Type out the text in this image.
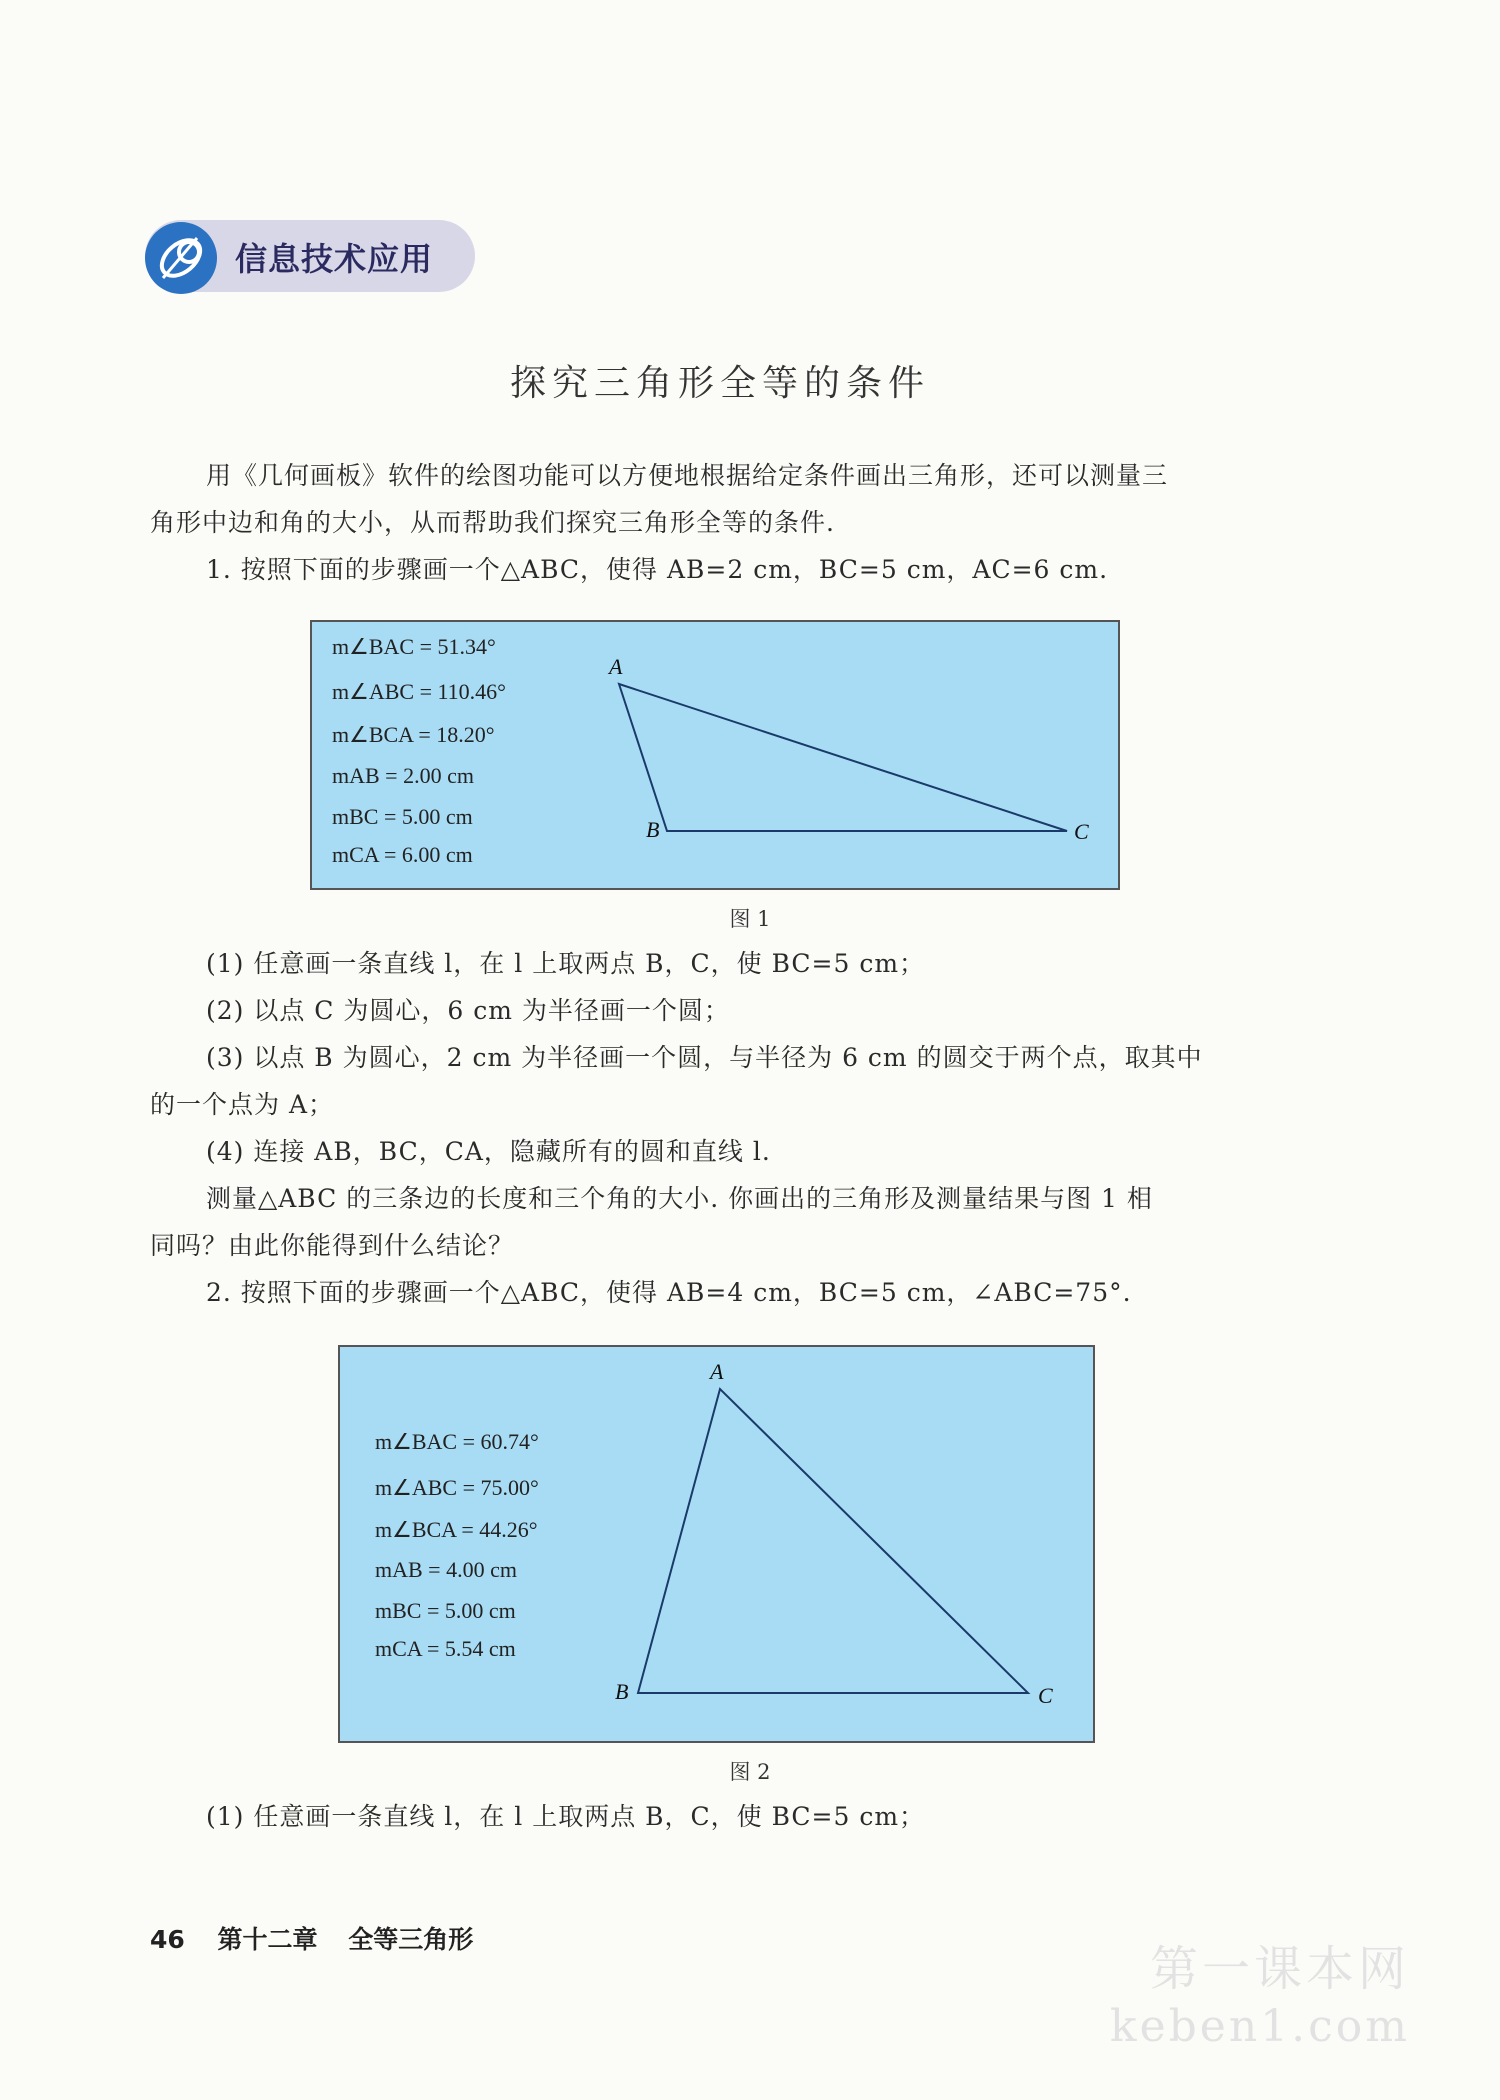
信息技术应用
探究三角形全等的条件
用《几何画板》软件的绘图功能可以方便地根据给定条件画出三角形，还可以测量三
角形中边和角的大小，从而帮助我们探究三角形全等的条件.
1. 按照下面的步骤画一个△ABC，使得 AB=2 cm，BC=5 cm，AC=6 cm.
m∠BAC = 51.34°
m∠ABC = 110.46°
m∠BCA = 18.20°
mAB = 2.00 cm
mBC = 5.00 cm
mCA = 6.00 cm
A
B	C
图 1
(1) 任意画一条直线 l，在 l 上取两点 B，C，使 BC=5 cm；
(2) 以点 C 为圆心，6 cm 为半径画一个圆；
(3) 以点 B 为圆心，2 cm 为半径画一个圆，与半径为 6 cm 的圆交于两个点，取其中
的一个点为 A；
(4) 连接 AB，BC，CA，隐藏所有的圆和直线 l.
测量△ABC 的三条边的长度和三个角的大小. 你画出的三角形及测量结果与图 1 相
同吗？由此你能得到什么结论？
2. 按照下面的步骤画一个△ABC，使得 AB=4 cm，BC=5 cm，∠ABC=75°.
m∠BAC = 60.74°
m∠ABC = 75.00°
m∠BCA = 44.26°
mAB = 4.00 cm
mBC = 5.00 cm
mCA = 5.54 cm
A
B	C
图 2
(1) 任意画一条直线 l，在 l 上取两点 B，C，使 BC=5 cm；
46 第十二章 全等三角形
第一课本网
keben1.com
